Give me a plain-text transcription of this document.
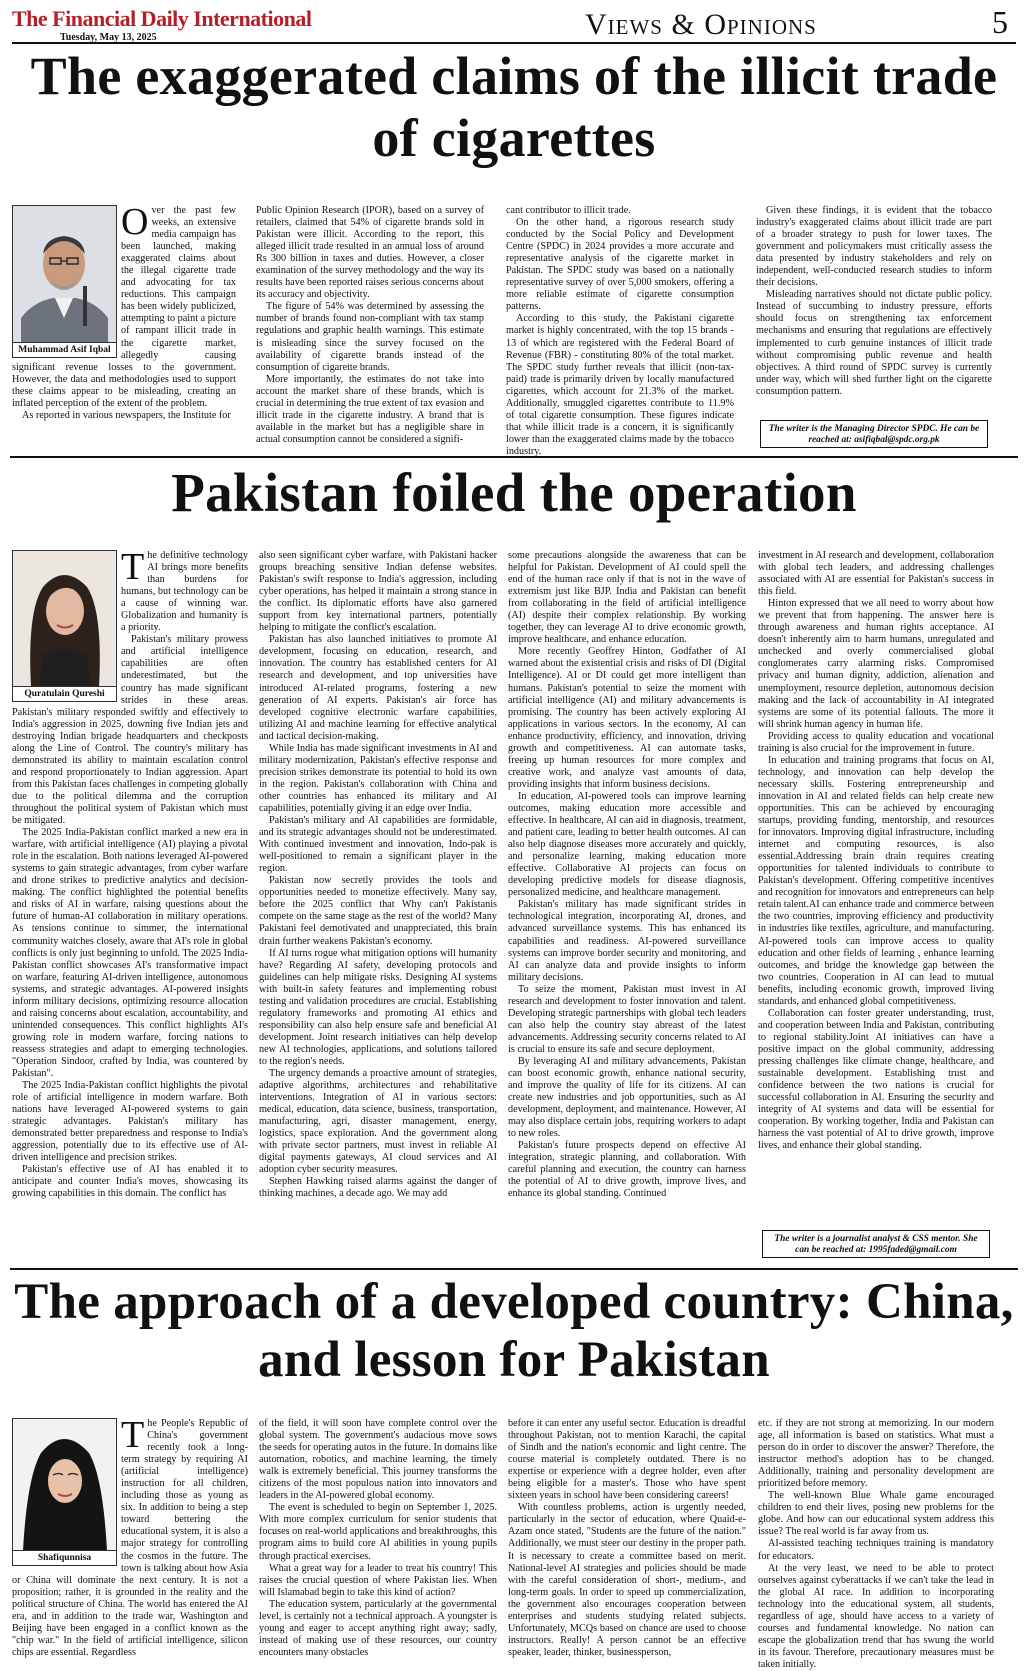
The Financial Daily International
Tuesday, May 13, 2025	Views & Opinions	5
The exaggerated claims of the illicit trade of cigarettes
Muhammad Asif Iqbal

Over the past few weeks, an extensive media campaign has been launched, making exaggerated claims about the illegal cigarette trade and advocating for tax reductions. This campaign has been widely publicized, attempting to paint a picture of rampant illicit trade in the cigarette market, allegedly causing significant revenue losses to the government. However, the data and methodologies used to support these claims appear to be misleading, creating an inflated perception of the extent of the problem.

As reported in various newspapers, the Institute for

Public Opinion Research (IPOR), based on a survey of retailers, claimed that 54% of cigarette brands sold in Pakistan were illicit. According to the report, this alleged illicit trade resulted in an annual loss of around Rs 300 billion in taxes and duties. However, a closer examination of the survey methodology and the way its results have been reported raises serious concerns about its accuracy and objectivity.

The figure of 54% was determined by assessing the number of brands found non-compliant with tax stamp regulations and graphic health warnings. This estimate is misleading since the survey focused on the availability of cigarette brands instead of the consumption of cigarette brands.

More importantly, the estimates do not take into account the market share of these brands, which is crucial in determining the true extent of tax evasion and illicit trade in the cigarette industry. A brand that is available in the market but has a negligible share in actual consumption cannot be considered a signifi-

cant contributor to illicit trade.

On the other hand, a rigorous research study conducted by the Social Policy and Development Centre (SPDC) in 2024 provides a more accurate and representative analysis of the cigarette market in Pakistan. The SPDC study was based on a nationally representative survey of over 5,000 smokers, offering a more reliable estimate of cigarette consumption patterns.

According to this study, the Pakistani cigarette market is highly concentrated, with the top 15 brands - 13 of which are registered with the Federal Board of Revenue (FBR) - constituting 80% of the total market. The SPDC study further reveals that illicit (non-tax-paid) trade is primarily driven by locally manufactured cigarettes, which account for 21.3% of the market. Additionally, smuggled cigarettes contribute to 11.9% of total cigarette consumption. These figures indicate that while illicit trade is a concern, it is significantly lower than the exaggerated claims made by the tobacco industry.

Given these findings, it is evident that the tobacco industry's exaggerated claims about illicit trade are part of a broader strategy to push for lower taxes. The government and policymakers must critically assess the data presented by industry stakeholders and rely on independent, well-conducted research studies to inform their decisions.

Misleading narratives should not dictate public policy. Instead of succumbing to industry pressure, efforts should focus on strengthening tax enforcement mechanisms and ensuring that regulations are effectively implemented to curb genuine instances of illicit trade without compromising public revenue and health objectives. A third round of SPDC survey is currently under way, which will shed further light on the cigarette consumption pattern.

The writer is the Managing Director SPDC. He can be reached at: asifiqbal@spdc.org.pk
Pakistan foiled the operation
Quratulain Qureshi

The definitive technology AI brings more benefits than burdens for humans, but technology can be a cause of winning war. Globalization and humanity is a priority.

Pakistan's military prowess and artificial intelligence capabilities are often underestimated, but the country has made significant strides in these areas. Pakistan's military responded swiftly and effectively to India's aggression in 2025, downing five Indian jets and destroying Indian brigade headquarters and checkposts along the Line of Control. The country's military has demonstrated its ability to maintain escalation control and respond proportionately to Indian aggression. Apart from this Pakistan faces challenges in competing globally due to the political dilemma and the corruption throughout the political system of Pakistan which must be mitigated.

The 2025 India-Pakistan conflict marked a new era in warfare, with artificial intelligence (AI) playing a pivotal role in the escalation. Both nations leveraged AI-powered systems to gain strategic advantages, from cyber warfare and drone strikes to predictive analytics and decision-making. The conflict highlighted the potential benefits and risks of AI in warfare, raising questions about the future of human-AI collaboration in military operations. As tensions continue to simmer, the international community watches closely, aware that AI's role in global conflicts is only just beginning to unfold. The 2025 India-Pakistan conflict showcases AI's transformative impact on warfare, featuring AI-driven intelligence, autonomous systems, and strategic advantages. AI-powered insights inform military decisions, optimizing resource allocation and raising concerns about escalation, accountability, and unintended consequences. This conflict highlights AI's growing role in modern warfare, forcing nations to reassess strategies and adapt to emerging technologies. "Operation Sindoor, crafted by India, was countered by Pakistan".

The 2025 India-Pakistan conflict highlights the pivotal role of artificial intelligence in modern warfare. Both nations have leveraged AI-powered systems to gain strategic advantages. Pakistan's military has demonstrated better preparedness and response to India's aggression, potentially due to its effective use of AI-driven intelligence and precision strikes.

Pakistan's effective use of AI has enabled it to anticipate and counter India's moves, showcasing its growing capabilities in this domain. The conflict has

also seen significant cyber warfare, with Pakistani hacker groups breaching sensitive Indian defense websites. Pakistan's swift response to India's aggression, including cyber operations, has helped it maintain a strong stance in the conflict. Its diplomatic efforts have also garnered support from key international partners, potentially helping to mitigate the conflict's escalation.

Pakistan has also launched initiatives to promote AI development, focusing on education, research, and innovation. The country has established centers for AI research and development, and top universities have introduced AI-related programs, fostering a new generation of AI experts. Pakistan's air force has developed cognitive electronic warfare capabilities, utilizing AI and machine learning for effective analytical and tactical decision-making.

While India has made significant investments in AI and military modernization, Pakistan's effective response and precision strikes demonstrate its potential to hold its own in the region. Pakistan's collaboration with China and other countries has enhanced its military and AI capabilities, potentially giving it an edge over India.

Pakistan's military and AI capabilities are formidable, and its strategic advantages should not be underestimated. With continued investment and innovation, Indo-pak is well-positioned to remain a significant player in the region.

Pakistan now secretly provides the tools and opportunities needed to monetize effectively. Many say, before the 2025 conflict that Why can't Pakistanis compete on the same stage as the rest of the world? Many Pakistani feel demotivated and unappreciated, this brain drain further weakens Pakistan's economy.

If AI turns rogue what mitigation options will humanity have? Regarding AI safety, developing protocols and guidelines can help mitigate risks. Designing AI systems with built-in safety features and implementing robust testing and validation procedures are crucial. Establishing regulatory frameworks and promoting AI ethics and responsibility can also help ensure safe and beneficial AI development. Joint research initiatives can help develop new AI technologies, applications, and solutions tailored to the region's needs.

The urgency demands a proactive amount of strategies, adaptive algorithms, architectures and rehabilitative interventions. Integration of AI in various sectors: medical, education, data science, business, transportation, manufacturing, agri, disaster management, energy, logistics, space exploration. And the government along with private sector partners, must invest in reliable AI digital payments gateways, AI cloud services and AI adoption cyber security measures.

Stephen Hawking raised alarms against the danger of thinking machines, a decade ago. We may add

some precautions alongside the awareness that can be helpful for Pakistan. Development of AI could spell the end of the human race only if that is not in the wave of extremism just like BJP. India and Pakistan can benefit from collaborating in the field of artificial intelligence (AI) despite their complex relationship. By working together, they can leverage AI to drive economic growth, improve healthcare, and enhance education.

More recently Geoffrey Hinton, Godfather of AI warned about the existential crisis and risks of DI (Digital Intelligence). AI or DI could get more intelligent than humans. Pakistan's potential to seize the moment with artificial intelligence (AI) and military advancements is promising. The country has been actively exploring AI applications in various sectors. In the economy, AI can enhance productivity, efficiency, and innovation, driving growth and competitiveness. AI can automate tasks, freeing up human resources for more complex and creative work, and analyze vast amounts of data, providing insights that inform business decisions.

In education, AI-powered tools can improve learning outcomes, making education more accessible and effective. In healthcare, AI can aid in diagnosis, treatment, and patient care, leading to better health outcomes. AI can also help diagnose diseases more accurately and quickly, and personalize learning, making education more effective. Collaborative AI projects can focus on developing predictive models for disease diagnosis, personalized medicine, and healthcare management.

Pakistan's military has made significant strides in technological integration, incorporating AI, drones, and advanced surveillance systems. This has enhanced its capabilities and readiness. AI-powered surveillance systems can improve border security and monitoring, and AI can analyze data and provide insights to inform military decisions.

To seize the moment, Pakistan must invest in AI research and development to foster innovation and talent. Developing strategic partnerships with global tech leaders can also help the country stay abreast of the latest advancements. Addressing security concerns related to AI is crucial to ensure its safe and secure deployment.

By leveraging AI and military advancements, Pakistan can boost economic growth, enhance national security, and improve the quality of life for its citizens. AI can create new industries and job opportunities, such as AI development, deployment, and maintenance. However, AI may also displace certain jobs, requiring workers to adapt to new roles.

Pakistan's future prospects depend on effective AI integration, strategic planning, and collaboration. With careful planning and execution, the country can harness the potential of AI to drive growth, improve lives, and enhance its global standing. Continued

investment in AI research and development, collaboration with global tech leaders, and addressing challenges associated with AI are essential for Pakistan's success in this field.

Hinton expressed that we all need to worry about how we prevent that from happening. The answer here is through awareness and human rights acceptance. AI doesn't inherently aim to harm humans, unregulated and unchecked and overly commercialised global conglomerates carry alarming risks. Compromised privacy and human dignity, addiction, alienation and unemployment, resource depletion, autonomous decision making and the lack of accountability in AI integrated systems are some of its potential fallouts. The more it will shrink human agency in human life.

Providing access to quality education and vocational training is also crucial for the improvement in future.

In education and training programs that focus on AI, technology, and innovation can help develop the necessary skills. Fostering entrepreneurship and innovation in AI and related fields can help create new opportunities. This can be achieved by encouraging startups, providing funding, mentorship, and resources for innovators. Improving digital infrastructure, including internet and computing resources, is also essential.Addressing brain drain requires creating opportunities for talented individuals to contribute to Pakistan's development. Offering competitive incentives and recognition for innovators and entrepreneurs can help retain talent.AI can enhance trade and commerce between the two countries, improving efficiency and productivity in industries like textiles, agriculture, and manufacturing. AI-powered tools can improve access to quality education and other fields of learning , enhance learning outcomes, and bridge the knowledge gap between the two countries. Cooperation in AI can lead to mutual benefits, including economic growth, improved living standards, and enhanced global competitiveness.

Collaboration can foster greater understanding, trust, and cooperation between India and Pakistan, contributing to regional stability.Joint AI initiatives can have a positive impact on the global community, addressing pressing challenges like climate change, healthcare, and sustainable development. Establishing trust and confidence between the two nations is crucial for successful collaboration in AI. Ensuring the security and integrity of AI systems and data will be essential for cooperation. By working together, India and Pakistan can harness the vast potential of AI to drive growth, improve lives, and enhance their global standing.

The writer is a journalist analyst & CSS mentor. She can be reached at: 1995faded@gmail.com
The approach of a developed country: China, and lesson for Pakistan
Shafiqunnisa

The People's Republic of China's government recently took a long-term strategy by requiring AI (artificial intelligence) instruction for all children, including those as young as six. In addition to being a step toward bettering the educational system, it is also a major strategy for controlling the cosmos in the future. The town is talking about how Asia or China will dominate the next century. It is not a proposition; rather, it is grounded in the reality and the political structure of China. The world has entered the AI era, and in addition to the trade war, Washington and Beijing have been engaged in a conflict known as the "chip war." In the field of artificial intelligence, silicon chips are essential. Regardless

of the field, it will soon have complete control over the global system. The government's audacious move sows the seeds for operating autos in the future. In domains like automation, robotics, and machine learning, the timely walk is extremely beneficial. This journey transforms the citizens of the most populous nation into innovators and leaders in the AI-powered global economy.

The event is scheduled to begin on September 1, 2025. With more complex curriculum for senior students that focuses on real-world applications and breakthroughs, this program aims to build core AI abilities in young pupils through practical exercises.

What a great way for a leader to treat his country! This raises the crucial question of where Pakistan lies. When will Islamabad begin to take this kind of action?

The education system, particularly at the governmental level, is certainly not a technical approach. A youngster is young and eager to accept anything right away; sadly, instead of making use of these resources, our country encounters many obstacles

before it can enter any useful sector. Education is dreadful throughout Pakistan, not to mention Karachi, the capital of Sindh and the nation's economic and light centre. The course material is completely outdated. There is no expertise or experience with a degree holder, even after being eligible for a master's. Those who have spent sixteen years in school have been considering careers!

With countless problems, action is urgently needed, particularly in the sector of education, where Quaid-e-Azam once stated, "Students are the future of the nation." Additionally, we must steer our destiny in the proper path. It is necessary to create a committee based on merit. National-level AI strategies and policies should be made with the careful consideration of short-, medium-, and long-term goals. In order to speed up commercialization, the government also encourages cooperation between enterprises and students studying related subjects. Unfortunately, MCQs based on chance are used to choose instructors. Really! A person cannot be an effective speaker, leader, thinker, businessperson,

etc. if they are not strong at memorizing. In our modern age, all information is based on statistics. What must a person do in order to discover the answer? Therefore, the instructor method's adoption has to be changed. Additionally, training and personality development are prioritized before memory.

The well-known Blue Whale game encouraged children to end their lives, posing new problems for the globe. And how can our educational system address this issue? The real world is far away from us.

AI-assisted teaching techniques training is mandatory for educators.

At the very least, we need to be able to protect ourselves against cyberattacks if we can't take the lead in the global AI race. In addition to incorporating technology into the educational system, all students, regardless of age, should have access to a variety of courses and fundamental knowledge. No nation can escape the globalization trend that has swung the world in its favour. Therefore, precautionary measures must be taken initially.
